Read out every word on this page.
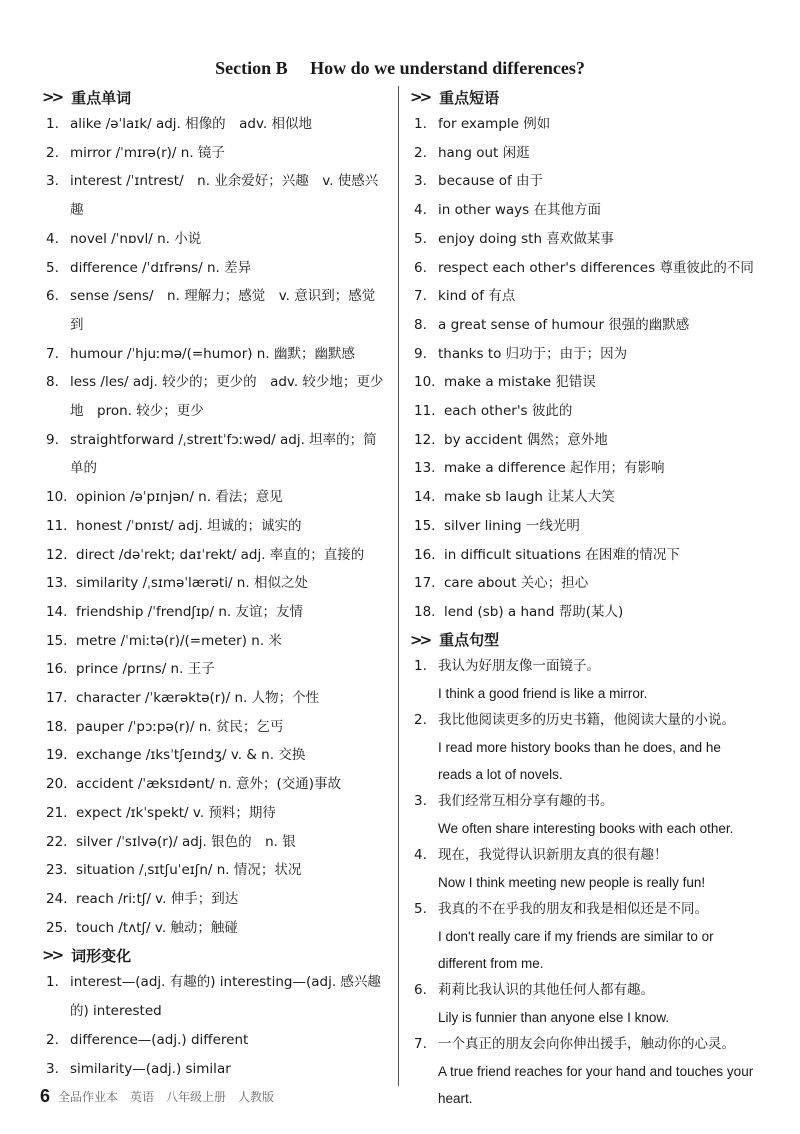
Section B How do we understand differences?
>> 重点单词
1. alike /əˈlaɪk/ adj. 相像的　adv. 相似地
2. mirror /ˈmɪrə(r)/ n. 镜子
3. interest /ˈɪntrest/　n. 业余爱好；兴趣　v. 使感兴趣
4. novel /ˈnɒvl/ n. 小说
5. difference /ˈdɪfrəns/ n. 差异
6. sense /sens/　n. 理解力；感觉　v. 意识到；感觉到
7. humour /ˈhjuːmə/(=humor) n. 幽默；幽默感
8. less /les/ adj. 较少的；更少的　adv. 较少地；更少地　pron. 较少；更少
9. straightforward /ˌstreɪtˈfɔːwəd/ adj. 坦率的；简单的
10. opinion /əˈpɪnjən/ n. 看法；意见
11. honest /ˈɒnɪst/ adj. 坦诚的；诚实的
12. direct /dəˈrekt; daɪˈrekt/ adj. 率直的；直接的
13. similarity /ˌsɪməˈlærəti/ n. 相似之处
14. friendship /ˈfrendʃɪp/ n. 友谊；友情
15. metre /ˈmiːtə(r)/(=meter) n. 米
16. prince /prɪns/ n. 王子
17. character /ˈkærəktə(r)/ n. 人物；个性
18. pauper /ˈpɔːpə(r)/ n. 贫民；乞丐
19. exchange /ɪksˈtʃeɪndʒ/ v. & n. 交换
20. accident /ˈæksɪdənt/ n. 意外；(交通)事故
21. expect /ɪkˈspekt/ v. 预料；期待
22. silver /ˈsɪlvə(r)/ adj. 银色的　n. 银
23. situation /ˌsɪtʃuˈeɪʃn/ n. 情况；状况
24. reach /riːtʃ/ v. 伸手；到达
25. touch /tʌtʃ/ v. 触动；触碰
>> 词形变化
1. interest—(adj. 有趣的) interesting—(adj. 感兴趣的) interested
2. difference—(adj.) different
3. similarity—(adj.) similar
>> 重点短语
1. for example 例如
2. hang out 闲逛
3. because of 由于
4. in other ways 在其他方面
5. enjoy doing sth 喜欢做某事
6. respect each other's differences 尊重彼此的不同
7. kind of 有点
8. a great sense of humour 很强的幽默感
9. thanks to 归功于；由于；因为
10. make a mistake 犯错误
11. each other's 彼此的
12. by accident 偶然；意外地
13. make a difference 起作用；有影响
14. make sb laugh 让某人大笑
15. silver lining 一线光明
16. in difficult situations 在困难的情况下
17. care about 关心；担心
18. lend (sb) a hand 帮助(某人)
>> 重点句型
1. 我认为好朋友像一面镜子。
I think a good friend is like a mirror.
2. 我比他阅读更多的历史书籍，他阅读大量的小说。
I read more history books than he does, and he reads a lot of novels.
3. 我们经常互相分享有趣的书。
We often share interesting books with each other.
4. 现在，我觉得认识新朋友真的很有趣！
Now I think meeting new people is really fun!
5. 我真的不在乎我的朋友和我是相似还是不同。
I don't really care if my friends are similar to or different from me.
6. 莉莉比我认识的其他任何人都有趣。
Lily is funnier than anyone else I know.
7. 一个真正的朋友会向你伸出援手，触动你的心灵。
A true friend reaches for your hand and touches your heart.
6 全品作业本　英语　八年级上册　人教版
